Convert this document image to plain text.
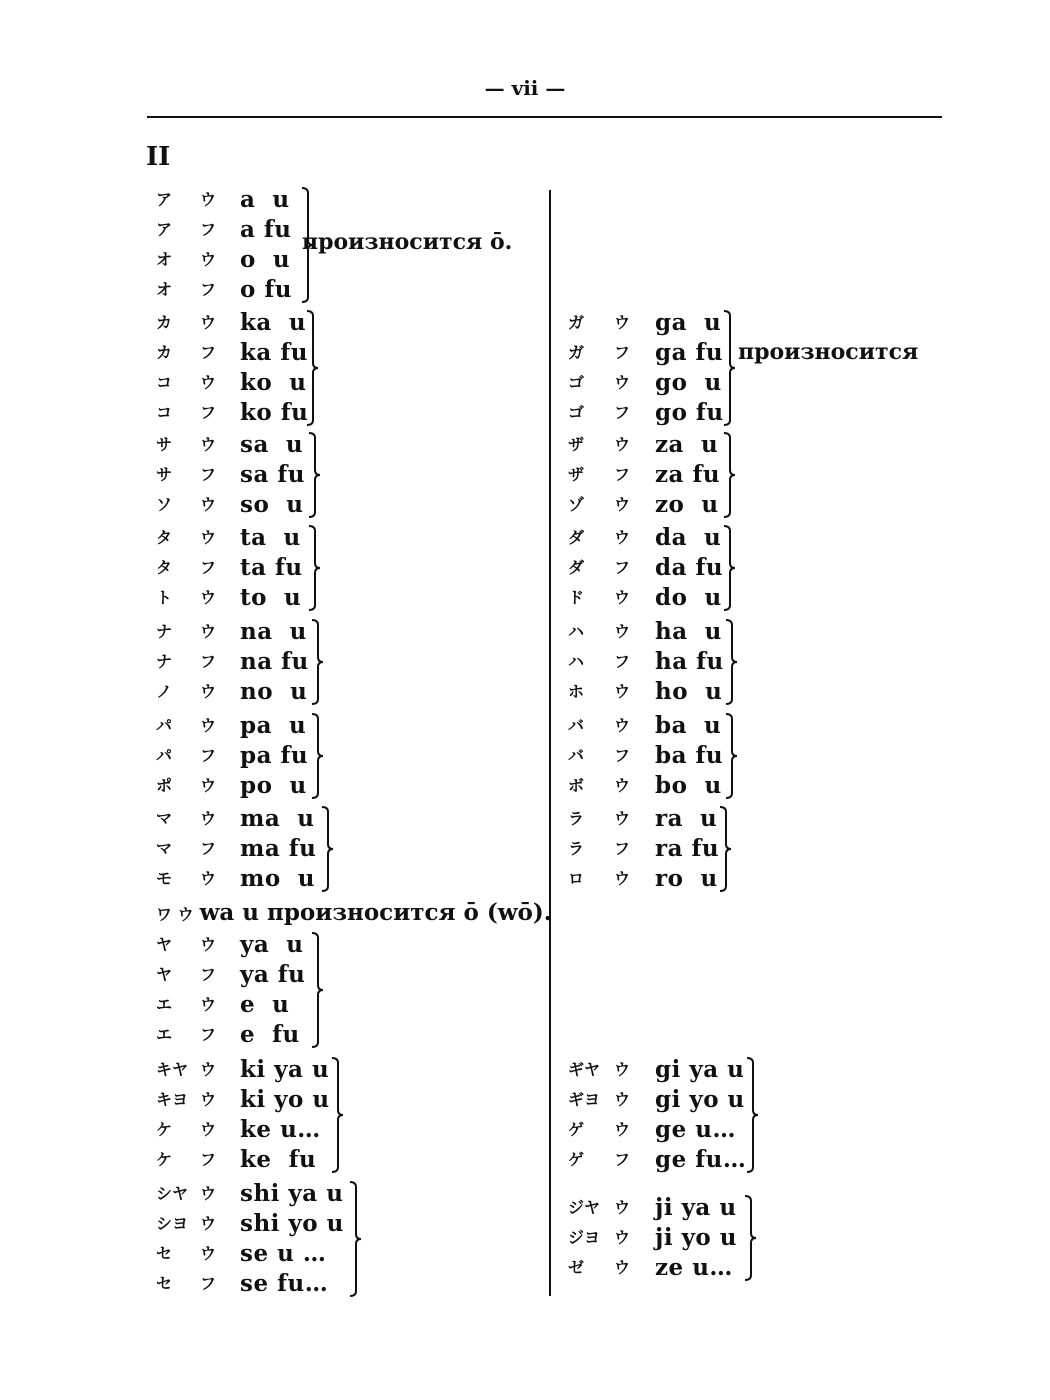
— vii —
II
ア ウ a  u
ア フ a fu
オ ウ o  u
オ フ o fu
произносится ō.
カ ウ ka  u
カ フ ka fu
コ ウ ko  u
コ フ ko fu
サ ウ sa  u
サ フ sa fu
ソ ウ so  u
タ ウ ta  u
タ フ ta fu
ト ウ to  u
ナ ウ na  u
ナ フ na fu
ノ ウ no  u
パ ウ pa  u
パ フ pa fu
ポ ウ po  u
マ ウ ma  u
マ フ ma fu
モ ウ mo  u
ヤ ウ ya  u
ヤ フ ya fu
エ ウ e  u
エ フ e  fu
キヤ ウ ki ya u
キヨ ウ ki yo u
ケ ウ ke u…
ケ フ ke  fu
シヤ ウ shi ya u
シヨ ウ shi yo u
セ ウ se u …
セ フ se fu…
ワ ウ wa u произносится ō (wō).
ガ ウ ga  u
ガ フ ga fu
ゴ ウ go  u
ゴ フ go fu
произносится
ザ ウ za  u
ザ フ za fu
ゾ ウ zo  u
ダ ウ da  u
ダ フ da fu
ド ウ do  u
ハ ウ ha  u
ハ フ ha fu
ホ ウ ho  u
バ ウ ba  u
バ フ ba fu
ボ ウ bo  u
ラ ウ ra  u
ラ フ ra fu
ロ ウ ro  u
ギヤ ウ gi ya u
ギヨ ウ gi yo u
ゲ ウ ge u…
ゲ フ ge fu…
ジヤ ウ ji ya u
ジヨ ウ ji yo u
ゼ ウ ze u…
